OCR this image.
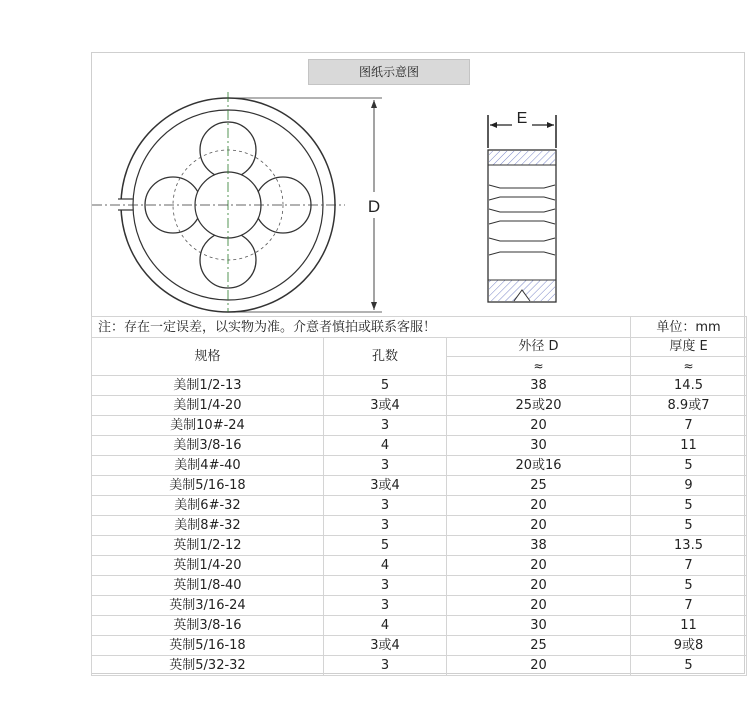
图纸示意图
D
E
注：存在一定误差，以实物为准。介意者慎拍或联系客服！			单位：mm
规格	孔数	外径 D	厚度 E
		≈	≈
美制1/2-13	5	38	14.5
美制1/4-20	3或4	25或20	8.9或7
美制10#-24	3	20	7
美制3/8-16	4	30	11
美制4#-40	3	20或16	5
美制5/16-18	3或4	25	9
美制6#-32	3	20	5
美制8#-32	3	20	5
英制1/2-12	5	38	13.5
英制1/4-20	4	20	7
英制1/8-40	3	20	5
英制3/16-24	3	20	7
英制3/8-16	4	30	11
英制5/16-18	3或4	25	9或8
英制5/32-32	3	20	5
